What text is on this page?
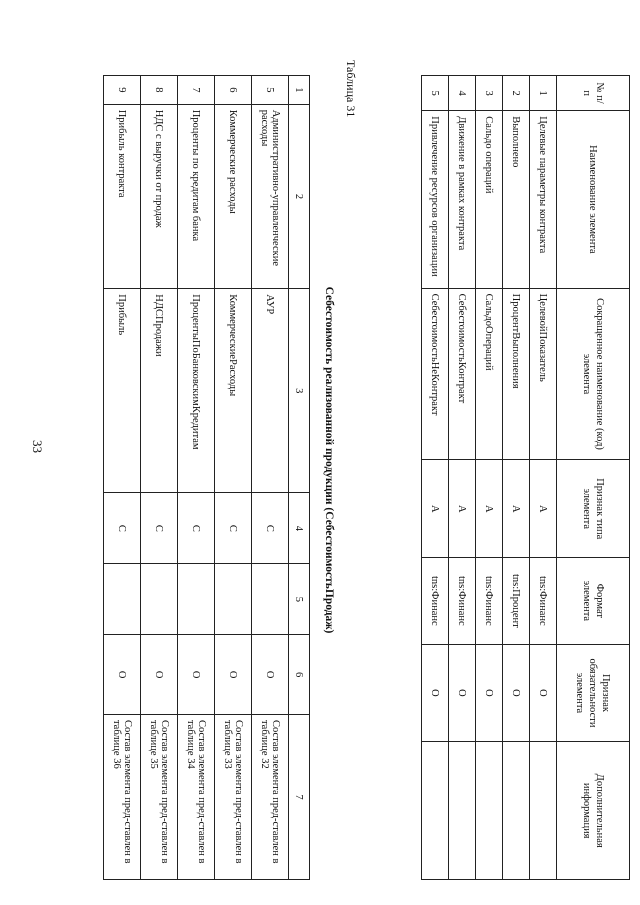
33
1	2	3	4	5	6	7
5	Административно-управленческие расходы	АУР	С		О	Состав элемента пред-ставлен в таблице 32
6	Коммерческие расходы	КоммерческиеРасходы	С		О	Состав элемента пред-ставлен в таблице 33
7	Проценты по кредитам банка	ПроцентыПоБанковскимКредитам	С		О	Состав элемента пред-ставлен в таблице 34
8	НДС с выручки от продаж	НДСПродажи	С		О	Состав элемента пред-ставлен в таблице 35
9	Прибыль контракта	Прибыль	С		О	Состав элемента пред-ставлен в таблице 36
Таблица 31
Себестоимость реализованной продукции (СебестоимостьПродаж)
№ п/п	Наименование элемента	Сокращенное наименование (код) элемента	Признак типа элемента	Формат элемента	Признак обязательности элемента	Дополнительная информация
1	Целевые параметры контракта	ЦелевойПоказатель	А	tns:Финанс	О	
2	Выполнено	ПроцентВыполнения	А	tns:Процент	О	
3	Сальдо операций	СальдоОпераций	А	tns:Финанс	О	
4	Движение в рамках контракта	СебестоимостьКонтракт	А	tns:Финанс	О	
5	Привлечение ресурсов организации	СебестоимостьНеКонтракт	А	tns:Финанс	О	
